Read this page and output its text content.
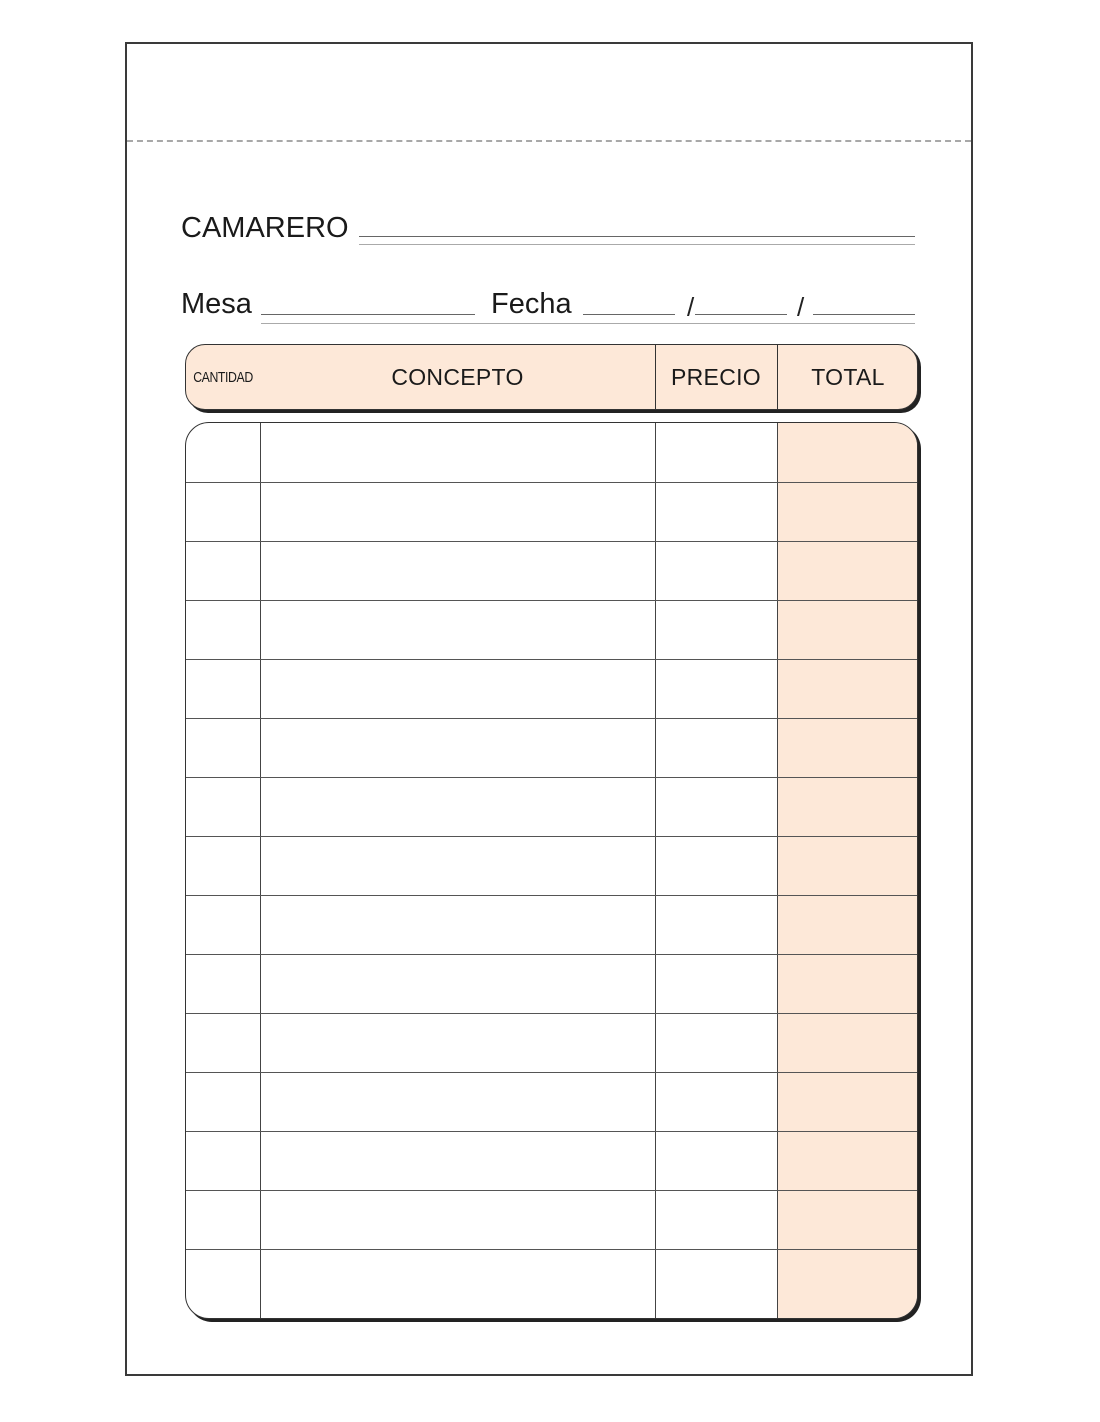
CAMARERO
Mesa	Fecha	/	/
CANTIDAD	CONCEPTO	PRECIO	TOTAL
